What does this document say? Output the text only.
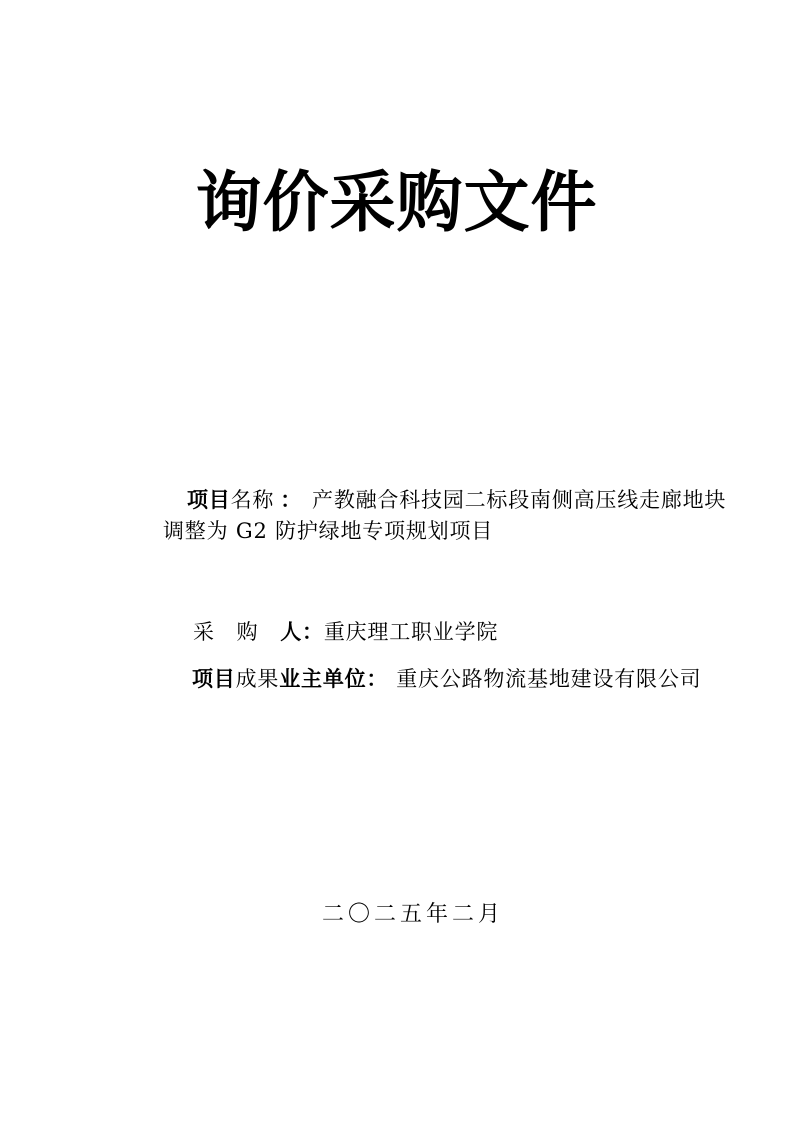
询价采购文件
项目名称 ： 产教融合科技园二标段南侧高压线走廊地块
调整为 G2 防护绿地专项规划项目
采　购　人：重庆理工职业学院
项目成果业主单位： 重庆公路物流基地建设有限公司
二〇二五年二月
